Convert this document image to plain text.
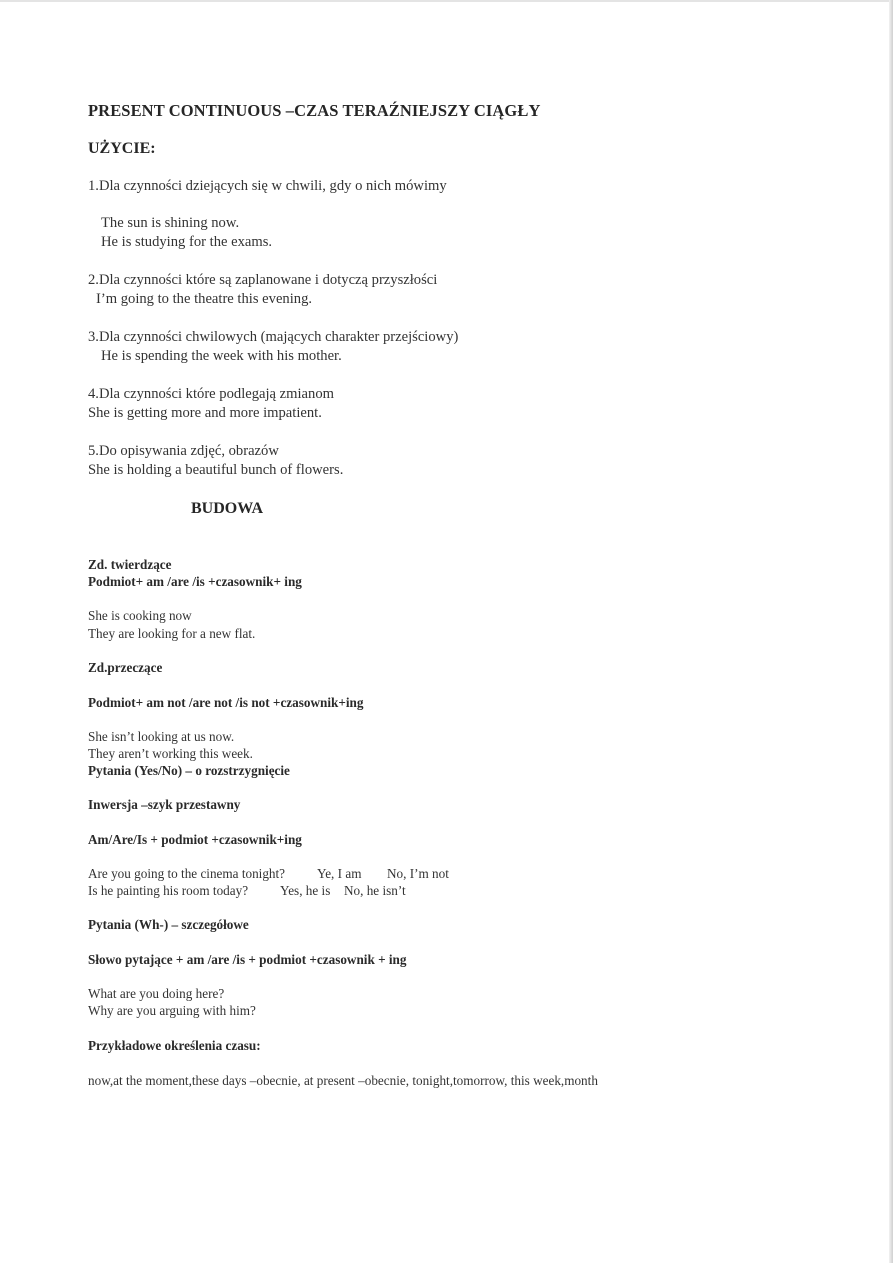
PRESENT CONTINUOUS –CZAS TERAŹNIEJSZY CIĄGŁY

UŻYCIE:

1.Dla czynności dziejących się w chwili, gdy o nich mówimy

The sun is shining now.

He is studying for the exams.

2.Dla czynności które są zaplanowane i dotyczą przyszłości

I’m going to the theatre this evening.

3.Dla czynności chwilowych (mających charakter przejściowy)

He is spending the week with his mother.

4.Dla czynności które podlegają zmianom

She is getting more and more impatient.

5.Do opisywania zdjęć, obrazów

She is holding a beautiful bunch of flowers.

BUDOWA

Zd. twierdzące

Podmiot+ am /are /is +czasownik+ ing

She is cooking now

They are looking for a new flat.

Zd.przeczące

Podmiot+ am not /are not /is not +czasownik+ing

She isn’t looking at us now.

They aren’t working this week.

Pytania (Yes/No) – o rozstrzygnięcie

Inwersja –szyk przestawny

Am/Are/Is + podmiot +czasownik+ing

Are you going to the cinema tonight? Ye, I am No, I’m not

Is he painting his room today? Yes, he is No, he isn’t

Pytania (Wh-) – szczegółowe

Słowo pytające + am /are /is + podmiot +czasownik + ing

What are you doing here?

Why are you arguing with him?

Przykładowe określenia czasu:

now,at the moment,these days –obecnie, at present –obecnie, tonight,tomorrow, this week,month
